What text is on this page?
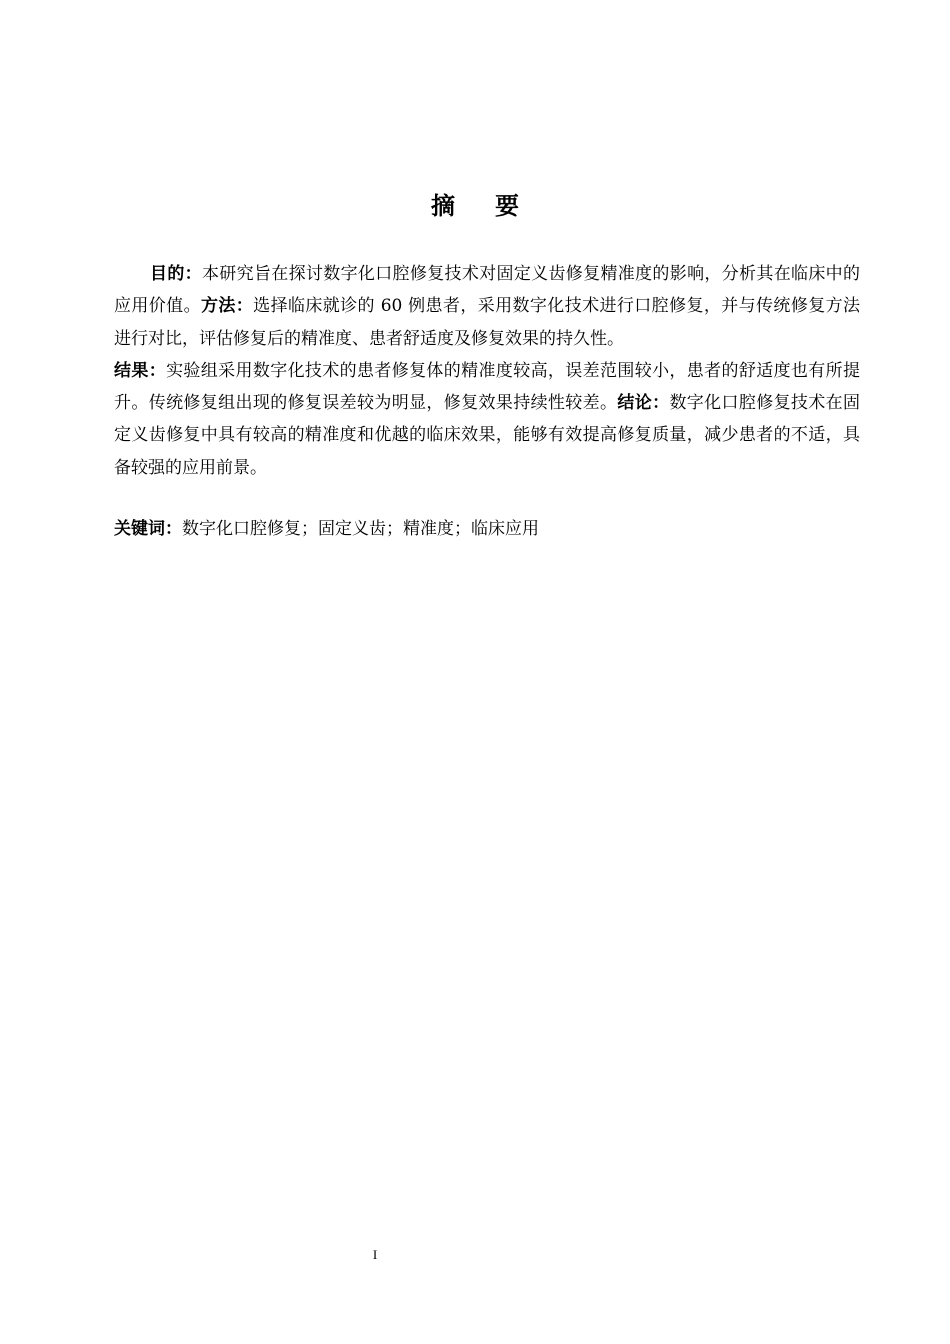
摘 要

目的：本研究旨在探讨数字化口腔修复技术对固定义齿修复精准度的影响，分析其在临床中的应用价值。方法：选择临床就诊的 60 例患者，采用数字化技术进行口腔修复，并与传统修复方法进行对比，评估修复后的精准度、患者舒适度及修复效果的持久性。
结果：实验组采用数字化技术的患者修复体的精准度较高，误差范围较小，患者的舒适度也有所提升。传统修复组出现的修复误差较为明显，修复效果持续性较差。结论：数字化口腔修复技术在固定义齿修复中具有较高的精准度和优越的临床效果，能够有效提高修复质量，减少患者的不适，具备较强的应用前景。

关键词：数字化口腔修复；固定义齿；精准度；临床应用

I
